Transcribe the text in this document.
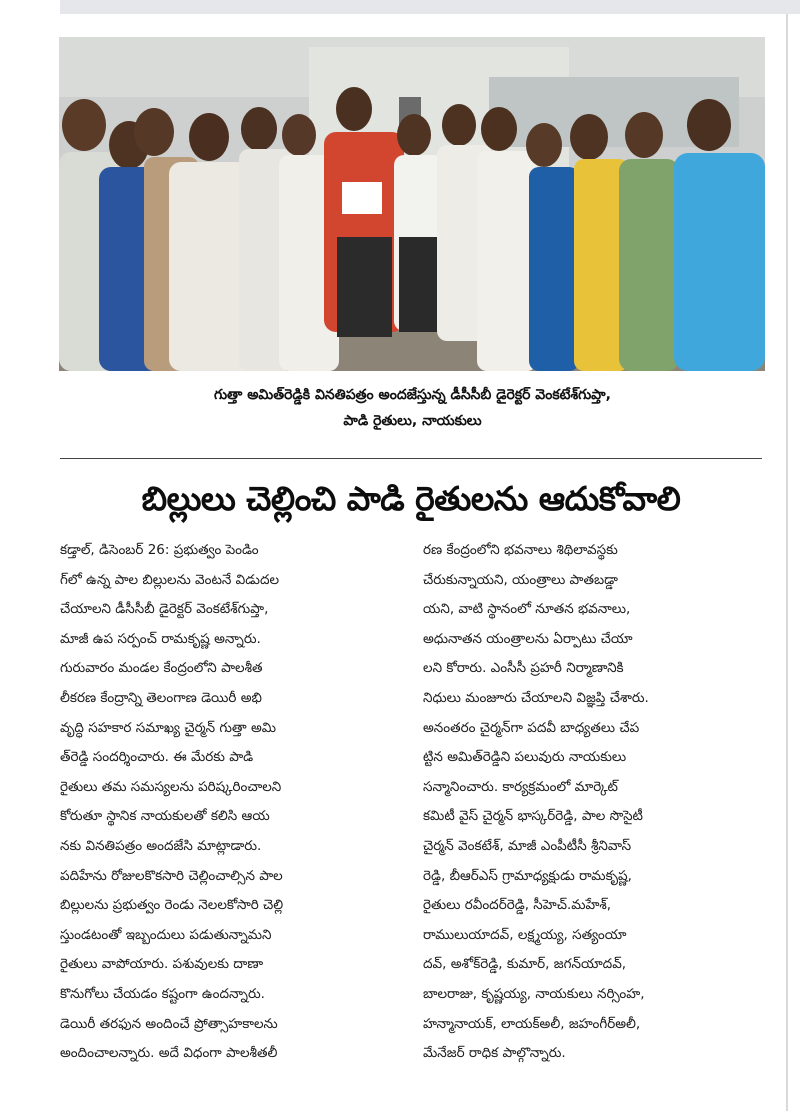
గుత్తా అమిత్‌రెడ్డికి వినతిపత్రం అందజేస్తున్న డీసీసీబీ డైరెక్టర్ వెంకటేశ్‌గుప్తా,
పాడి రైతులు, నాయకులు
బిల్లులు చెల్లించి పాడి రైతులను ఆదుకోవాలి
కడ్తాల్, డిసెంబర్ 26: ప్రభుత్వం పెండిం
గ్‌లో ఉన్న పాల బిల్లులను వెంటనే విడుదల
చేయాలని డీసీసీబీ డైరెక్టర్ వెంకటేశ్‌గుప్తా,
మాజీ ఉప సర్పంచ్ రామకృష్ణ అన్నారు.
గురువారం మండల కేంద్రంలోని పాలశీత
లీకరణ కేంద్రాన్ని తెలంగాణ డెయిరీ అభి
వృద్ధి సహకార సమాఖ్య చైర్మన్ గుత్తా అమి
త్‌రెడ్డి సందర్శించారు. ఈ మేరకు పాడి
రైతులు తమ సమస్యలను పరిష్కరించాలని
కోరుతూ స్థానిక నాయకులతో కలిసి ఆయ
నకు వినతిపత్రం అందజేసి మాట్లాడారు.
పదిహేను రోజులకొకసారి చెల్లించాల్సిన పాల
బిల్లులను ప్రభుత్వం రెండు నెలలకోసారి చెల్లి
స్తుండటంతో ఇబ్బందులు పడుతున్నామని
రైతులు వాపోయారు. పశువులకు దాణా
కొనుగోలు చేయడం కష్టంగా ఉందన్నారు.
డెయిరీ తరఫున అందించే ప్రోత్సాహకాలను
అందించాలన్నారు. అదే విధంగా పాలశీతలీ
రణ కేంద్రంలోని భవనాలు శిథిలావస్థకు
చేరుకున్నాయని, యంత్రాలు పాతబడ్డా
యని, వాటి స్థానంలో నూతన భవనాలు,
అధునాతన యంత్రాలను ఏర్పాటు చేయా
లని కోరారు. ఎంసీసీ ప్రహరీ నిర్మాణానికి
నిధులు మంజూరు చేయాలని విజ్ఞప్తి చేశారు.
అనంతరం చైర్మన్‌గా పదవీ బాధ్యతలు చేప
ట్టిన అమిత్‌రెడ్డిని పలువురు నాయకులు
సన్మానించారు. కార్యక్రమంలో మార్కెట్
కమిటీ వైస్ చైర్మన్ భాస్కర్‌రెడ్డి, పాల సొసైటీ
చైర్మన్ వెంకటేశ్, మాజీ ఎంపీటీసీ శ్రీనివాస్
రెడ్డి, బీఆర్ఎస్ గ్రామాధ్యక్షుడు రామకృష్ణ,
రైతులు రవీందర్‌రెడ్డి, సీహెచ్.మహేశ్,
రాములుయాదవ్, లక్ష్మయ్య, సత్యంయా
దవ్, అశోక్‌రెడ్డి, కుమార్, జగన్‌యాదవ్,
బాలరాజు, కృష్ణయ్య, నాయకులు నర్సింహ,
హన్మానాయక్, లాయక్‌అలీ, జహంగీర్‌అలీ,
మేనేజర్ రాధిక పాల్గొన్నారు.
